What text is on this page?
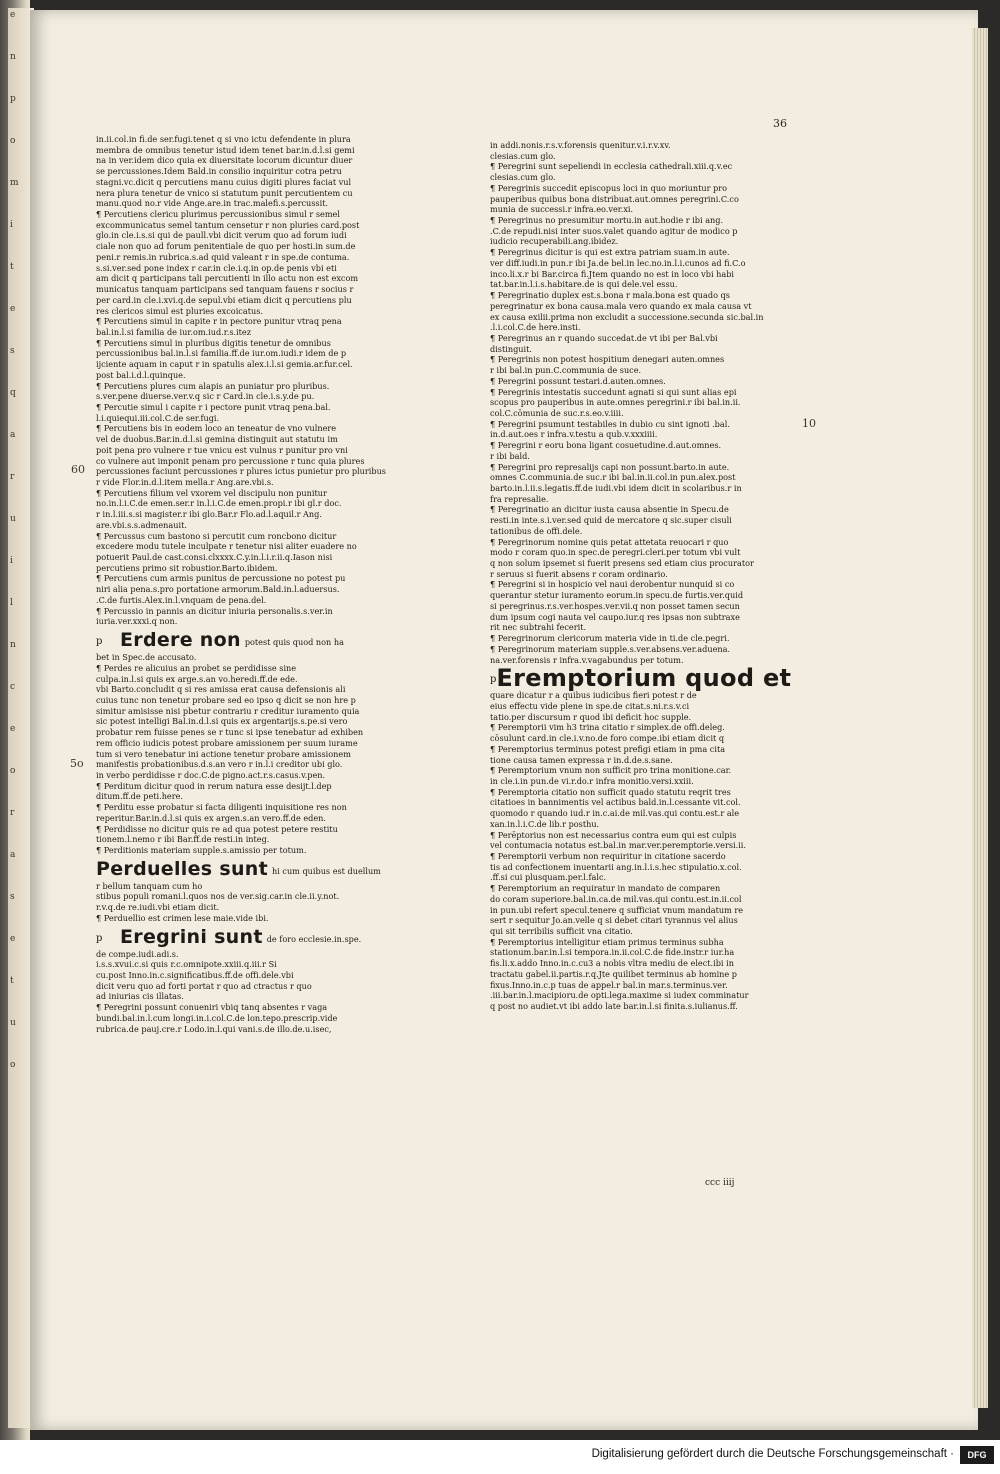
e
n
p
o
m
i
t
e
s
q
a
r
u
i
l
n
c
e
o
r
a
s
e
t
u
o
60
5o
10
36

in.ii.col.in fi.de ser.fugi.tenet q si vno ictu defendente in plura

membra de omnibus tenetur istud idem tenet bar.in.d.l.si gemi

na in ver.idem dico quia ex diuersitate locorum dicuntur diuer

se percussiones.Idem Bald.in consilio inquiritur cotra petru

stagni.vc.dicit q percutiens manu cuius digiti plures faciat vul

nera plura tenetur de vnico si statutum punit percutientem cu

manu.quod no.r vide Ange.are.in trac.malefi.s.percussit.

¶ Percutiens clericu plurimus percussionibus simul r semel

excommunicatus semel tantum censetur r non pluries card.post

glo.in cle.i.s.si qui de paull.vbi dicit verum quo ad forum iudi

ciale non quo ad forum penitentiale de quo per hosti.in sum.de

peni.r remis.in rubrica.s.ad quid valeant r in spe.de contuma.

s.si.ver.sed pone index r car.in cle.i.q.in op.de penis vbi eti

am dicit q participans tali percutienti in illo actu non est excom

municatus tanquam participans sed tanquam fauens r socius r

per card.in cle.i.xvi.q.de sepul.vbi etiam dicit q percutiens plu

res clericos simul est pluries excoicatus.

¶ Percutiens simul in capite r in pectore punitur vtraq pena

bal.in.l.si familia de iur.om.iud.r.s.itez

¶ Percutiens simul in pluribus digitis tenetur de omnibus

percussionibus bal.in.l.si familia.ff.de iur.om.iudi.r idem de p

ijciente aquam in caput r in spatulis alex.i.l.si gemia.ar.fur.cel.

post bal.i.d.l.quinque.

¶ Percutiens plures cum alapis an puniatur pro pluribus.

s.ver.pene diuerse.ver.v.q sic r Card.in cle.i.s.y.de pu.

¶ Percutie simul i capite r i pectore punit vtraq pena.bal.

l.i.quiequi.iii.col.C.de ser.fugi.

¶ Percutiens bis in eodem loco an teneatur de vno vulnere

vel de duobus.Bar.in.d.l.si gemina distinguit aut statutu im

poit pena pro vulnere r tue vnicu est vulnus r punitur pro vni

co vulnere aut imponit penam pro percussione r tunc quia plures

percussiones faciunt percussiones r plures ictus punietur pro pluribus

r vide Flor.in.d.l.item mella.r Ang.are.vbi.s.

¶ Percutiens filium vel vxorem vel discipulu non punitur

no.in.l.i.C.de emen.ser.r in.l.i.C.de emen.propi.r ibi gl.r doc.

r in.l.iii.s.si magister.r ibi glo.Bar.r Flo.ad.l.aquil.r Ang.

are.vbi.s.s.admenauit.

¶ Percussus cum bastono si percutit cum roncbono dicitur

excedere modu tutele inculpate r tenetur nisi aliter euadere no

potuerit Paul.de cast.consi.clxxxx.C.y.in.l.i.r.ii.q.Iason nisi

percutiens primo sit robustior.Barto.ibidem.

¶ Percutiens cum armis punitus de percussione no potest pu

niri alia pena.s.pro portatione armorum.Bald.in.l.aduersus.

.C.de furtis.Alex.in.l.vnquam de pena.del.

¶ Percussio in pannis an dicitur iniuria personalis.s.ver.in

iuria.ver.xxxi.q non.

p Erdere non potest quis quod non ha

bet in Spec.de accusato.

¶ Perdes re alicuius an probet se perdidisse sine

culpa.in.l.si quis ex arge.s.an vo.heredi.ff.de ede.

vbi Barto.concludit q si res amissa erat causa defensionis ali

cuius tunc non tenetur probare sed eo ipso q dicit se non hre p

simitur amisisse nisi pbetur contrariu r creditur iuramento quia

sic potest intelligi Bal.in.d.l.si quis ex argentarijs.s.pe.si vero

probatur rem fuisse penes se r tunc si ipse tenebatur ad exhiben

rem officio iudicis potest probare amissionem per suum iurame

tum si vero tenebatur ini actione tenetur probare amissionem

manifestis probationibus.d.s.an vero r in.l.i creditor ubi glo.

in verbo perdidisse r doc.C.de pigno.act.r.s.casus.v.pen.

¶ Perditum dicitur quod in rerum natura esse desijt.l.dep

ditum.ff.de peti.here.

¶ Perditu esse probatur si facta diligenti inquisitione res non

reperitur.Bar.in.d.l.si quis ex argen.s.an vero.ff.de eden.

¶ Perdidisse no dicitur quis re ad qua potest petere restitu

tionem.l.nemo r ibi Bar.ff.de resti.in integ.

¶ Perditionis materiam supple.s.amissio per totum.

Perduelles sunt hi cum quibus est duellum

r bellum tanquam cum ho

stibus populi romani.l.quos nos de ver.sig.car.in cle.ii.y.not.

r.v.q.de re.iudi.vbi etiam dicit.

¶ Perduellio est crimen lese maie.vide ibi.

p Eregrini sunt de foro ecclesie.in.spe.

de compe.iudi.adi.s.

i.s.s.xvui.c.si quis r.c.omnipote.xxiii.q.iii.r Si

cu.post Inno.in.c.significatibus.ff.de offi.dele.vbi

dicit veru quo ad forti portat r quo ad ctractus r quo

ad iniurias cis illatas.

¶ Peregrini possunt conueniri vbiq tanq absentes r vaga

bundi.bal.in.l.cum longi.in.i.col.C.de lon.tepo.prescrip.vide

rubrica.de pauj.cre.r Lodo.in.l.qui vani.s.de illo.de.u.isec,

in addi.nonis.r.s.v.forensis quenitur.v.i.r.v.xv.

clesias.cum glo.

¶ Peregrini sunt sepeliendi in ecclesia cathedrali.xiii.q.v.ec

clesias.cum glo.

¶ Peregrinis succedit episcopus loci in quo moriuntur pro

pauperibus quibus bona distribuat.aut.omnes peregrini.C.co

munia de successi.r infra.eo.ver.xi.

¶ Peregrinus no presumitur mortu.in aut.hodie r ibi ang.

.C.de repudi.nisi inter suos.valet quando agitur de modico p

iudicio recuperabili.ang.ibidez.

¶ Peregrinus dicitur is qui est extra patriam suam.in aute.

ver diff.iudi.in pun.r ibi Ja.de bel.in lec.no.in.l.i.cunos ad fi.C.o

inco.li.x.r bi Bar.circa fi.Jtem quando no est in loco vbi habi

tat.bar.in.l.i.s.habitare.de is qui dele.vel essu.

¶ Peregrinatio duplex est.s.bona r mala.bona est quado qs

peregrinatur ex bona causa.mala vero quando ex mala causa vt

ex causa exilii.prima non excludit a successione.secunda sic.bal.in

.l.i.col.C.de here.insti.

¶ Peregrinus an r quando succedat.de vt ibi per Bal.vbi

distinguit.

¶ Peregrinis non potest hospitium denegari auten.omnes

r ibi bal.in pun.C.communia de suce.

¶ Peregrini possunt testari.d.auten.omnes.

¶ Peregrinis intestatis succedunt agnati si qui sunt alias epi

scopus pro pauperibus in aute.omnes peregrini.r ibi bal.in.ii.

col.C.cōmunia de suc.r.s.eo.v.iiii.

¶ Peregrini psumunt testabiles in dubio cu sint ignoti .bal.

in.d.aut.oes r infra.v.testu a qub.v.xxxiiii.

¶ Peregrini r eoru bona ligant cosuetudine.d.aut.omnes.

r ibi bald.

¶ Peregrini pro represalijs capi non possunt.barto.in aute.

omnes C.communia.de suc.r ibi bal.in.ii.col.in pun.alex.post

barto.in.l.ii.s.legatis.ff.de iudi.vbi idem dicit in scolaribus.r in

fra represalie.

¶ Peregrinatio an dicitur iusta causa absentie in Specu.de

resti.in inte.s.i.ver.sed quid de mercatore q sic.super cisuli

tationibus de offi.dele.

¶ Peregrinorum nomine quis petat attetata reuocari r quo

modo r coram quo.in spec.de peregri.cleri.per totum vbi vult

q non solum ipsemet si fuerit presens sed etiam cius procurator

r seruus si fuerit absens r coram ordinario.

¶ Peregrini si in hospicio vel naui derobentur nunquid si co

querantur stetur iuramento eorum.in specu.de furtis.ver.quid

si peregrinus.r.s.ver.hospes.ver.vii.q non posset tamen secun

dum ipsum cogi nauta vel caupo.iur.q res ipsas non subtraxe

rit nec subtrahi fecerit.

¶ Peregrinorum clericorum materia vide in ti.de cle.pegri.

¶ Peregrinorum materiam supple.s.ver.absens.ver.aduena.

na.ver.forensis r infra.v.vagabundus per totum.

p Eremptorium quod et

quare dicatur r a quibus iudicibus fieri potest r de

eius effectu vide plene in spe.de citat.s.ni.r.s.v.ci

tatio.per discursum r quod ibi deficit hoc supple.

¶ Peremptorii vim h3 trina citatio r simplex.de offi.deleg.

cōsulunt card.in cle.i.v.no.de foro compe.ibi etiam dicit q

¶ Peremptorius terminus potest prefigi etiam in pma cita

tione causa tamen expressa r in.d.de.s.sane.

¶ Peremptorium vnum non sufficit pro trina monitione.car.

in cle.i.in pun.de vi.r.do.r infra monitio.versi.xxiii.

¶ Peremptoria citatio non sufficit quado statutu reqrit tres

citatioes in bannimentis vel actibus bald.in.l.cessante vit.col.

quomodo r quando iud.r in.c.ai.de mil.vas.qui contu.est.r ale

xan.in.l.i.C.de lib.r posthu.

¶ Perēptorius non est necessarius contra eum qui est culpis

vel contumacia notatus est.bal.in mar.ver.peremptorie.versi.ii.

¶ Peremptorii verbum non requiritur in citatione sacerdo

tis ad confectionem inuentarii ang.in.l.i.s.hec stipulatio.x.col.

.ff.si cui plusquam.per.l.falc.

¶ Peremptorium an requiratur in mandato de comparen

do coram superiore.bal.in.ca.de mil.vas.qui contu.est.in.ii.col

in pun.ubi refert specul.tenere q sufficiat vnum mandatum re

sert r sequitur Jo.an.velle q si debet citari tyrannus vel alius

qui sit terribilis sufficit vna citatio.

¶ Peremptorius intelligitur etiam primus terminus subha

stationum.bar.in.l.si tempora.in.ii.col.C.de fide.instr.r iur.ha

fis.li.x.addo Inno.in.c.cu3 a nobis vltra mediu de elect.ibi in

tractatu gabel.ii.partis.r.q.Jte quilibet terminus ab homine p

fixus.Inno.in.c.p tuas de appel.r bal.in mar.s.terminus.ver.

.iii.bar.in.l.macipioru.de opti.lega.maxime si iudex comminatur

q post no audiet.vt ibi addo late bar.in.l.si finita.s.iulianus.ff.

ccc iiij
Digitalisierung gefördert durch die Deutsche Forschungsgemeinschaft ·	DFG
